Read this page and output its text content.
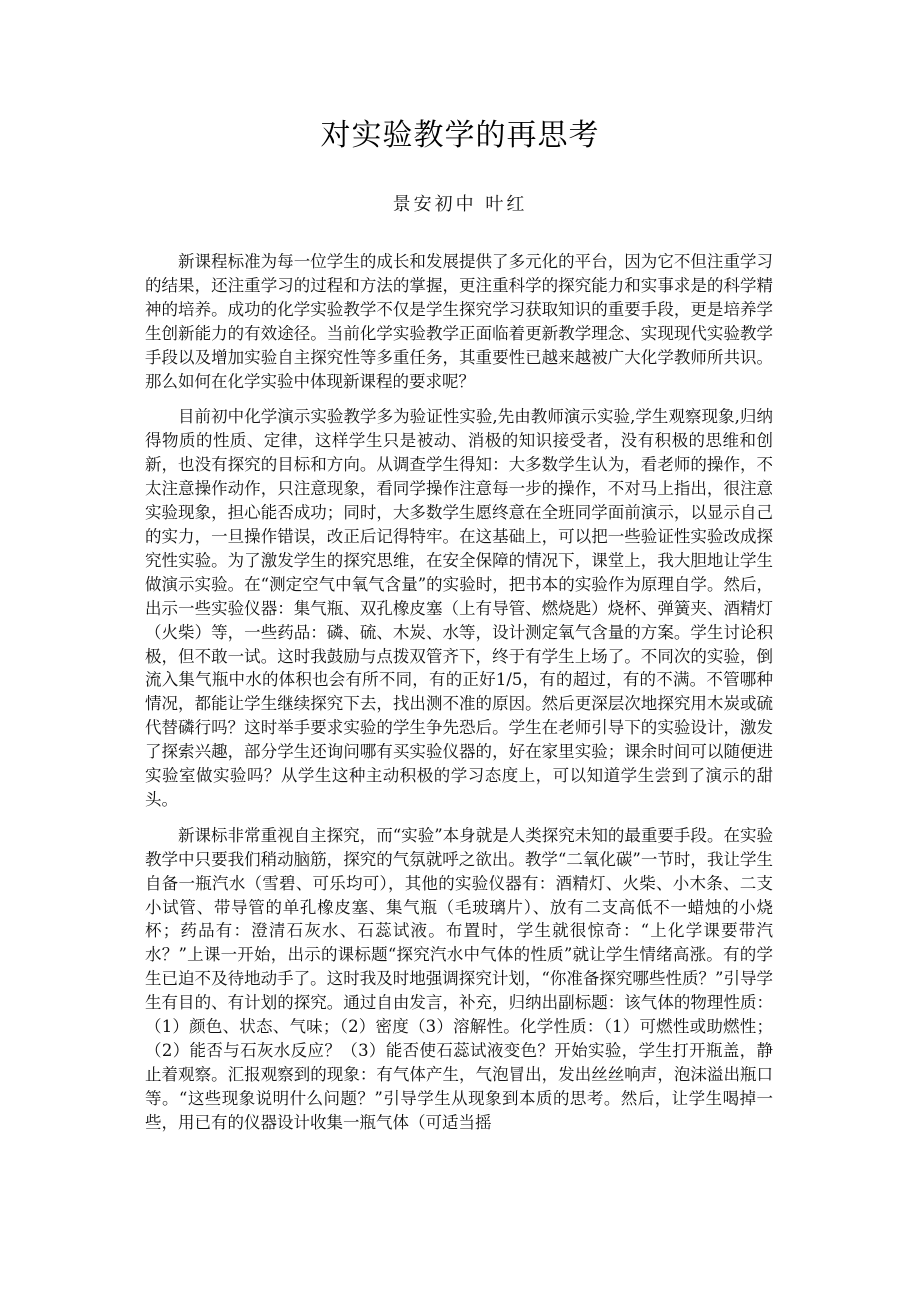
对实验教学的再思考
景安初中 叶红

新课程标准为每一位学生的成长和发展提供了多元化的平台，因为它不但注重学习的结果，还注重学习的过程和方法的掌握，更注重科学的探究能力和实事求是的科学精神的培养。成功的化学实验教学不仅是学生探究学习获取知识的重要手段，更是培养学生创新能力的有效途径。当前化学实验教学正面临着更新教学理念、实现现代实验教学手段以及增加实验自主探究性等多重任务，其重要性已越来越被广大化学教师所共识。那么如何在化学实验中体现新课程的要求呢？

目前初中化学演示实验教学多为验证性实验,先由教师演示实验,学生观察现象,归纳得物质的性质、定律，这样学生只是被动、消极的知识接受者，没有积极的思维和创新，也没有探究的目标和方向。从调查学生得知：大多数学生认为，看老师的操作，不太注意操作动作，只注意现象，看同学操作注意每一步的操作，不对马上指出，很注意实验现象，担心能否成功；同时，大多数学生愿终意在全班同学面前演示，以显示自己的实力，一旦操作错误，改正后记得特牢。在这基础上，可以把一些验证性实验改成探究性实验。为了激发学生的探究思维，在安全保障的情况下，课堂上，我大胆地让学生做演示实验。在“测定空气中氧气含量”的实验时，把书本的实验作为原理自学。然后，出示一些实验仪器：集气瓶、双孔橡皮塞（上有导管、燃烧匙）烧杯、弹簧夹、酒精灯（火柴）等，一些药品：磷、硫、木炭、水等，设计测定氧气含量的方案。学生讨论积极，但不敢一试。这时我鼓励与点拨双管齐下，终于有学生上场了。不同次的实验，倒流入集气瓶中水的体积也会有所不同，有的正好1/5，有的超过，有的不满。不管哪种情况，都能让学生继续探究下去，找出测不准的原因。然后更深层次地探究用木炭或硫代替磷行吗？这时举手要求实验的学生争先恐后。学生在老师引导下的实验设计，激发了探索兴趣，部分学生还询问哪有买实验仪器的，好在家里实验；课余时间可以随便进实验室做实验吗？从学生这种主动积极的学习态度上，可以知道学生尝到了演示的甜头。

新课标非常重视自主探究，而“实验”本身就是人类探究未知的最重要手段。在实验教学中只要我们稍动脑筋，探究的气氛就呼之欲出。教学“二氧化碳”一节时，我让学生自备一瓶汽水（雪碧、可乐均可），其他的实验仪器有：酒精灯、火柴、小木条、二支小试管、带导管的单孔橡皮塞、集气瓶（毛玻璃片）、放有二支高低不一蜡烛的小烧杯；药品有：澄清石灰水、石蕊试液。布置时，学生就很惊奇：“上化学课要带汽水？”上课一开始，出示的课标题“探究汽水中气体的性质”就让学生情绪高涨。有的学生已迫不及待地动手了。这时我及时地强调探究计划，“你准备探究哪些性质？”引导学生有目的、有计划的探究。通过自由发言，补充，归纳出副标题：该气体的物理性质：（1）颜色、状态、气味；（2）密度（3）溶解性。化学性质：（1）可燃性或助燃性；（2）能否与石灰水反应？（3）能否使石蕊试液变色？开始实验，学生打开瓶盖，静止着观察。汇报观察到的现象：有气体产生，气泡冒出，发出丝丝响声，泡沫溢出瓶口等。“这些现象说明什么问题？”引导学生从现象到本质的思考。然后，让学生喝掉一些，用已有的仪器设计收集一瓶气体（可适当摇
